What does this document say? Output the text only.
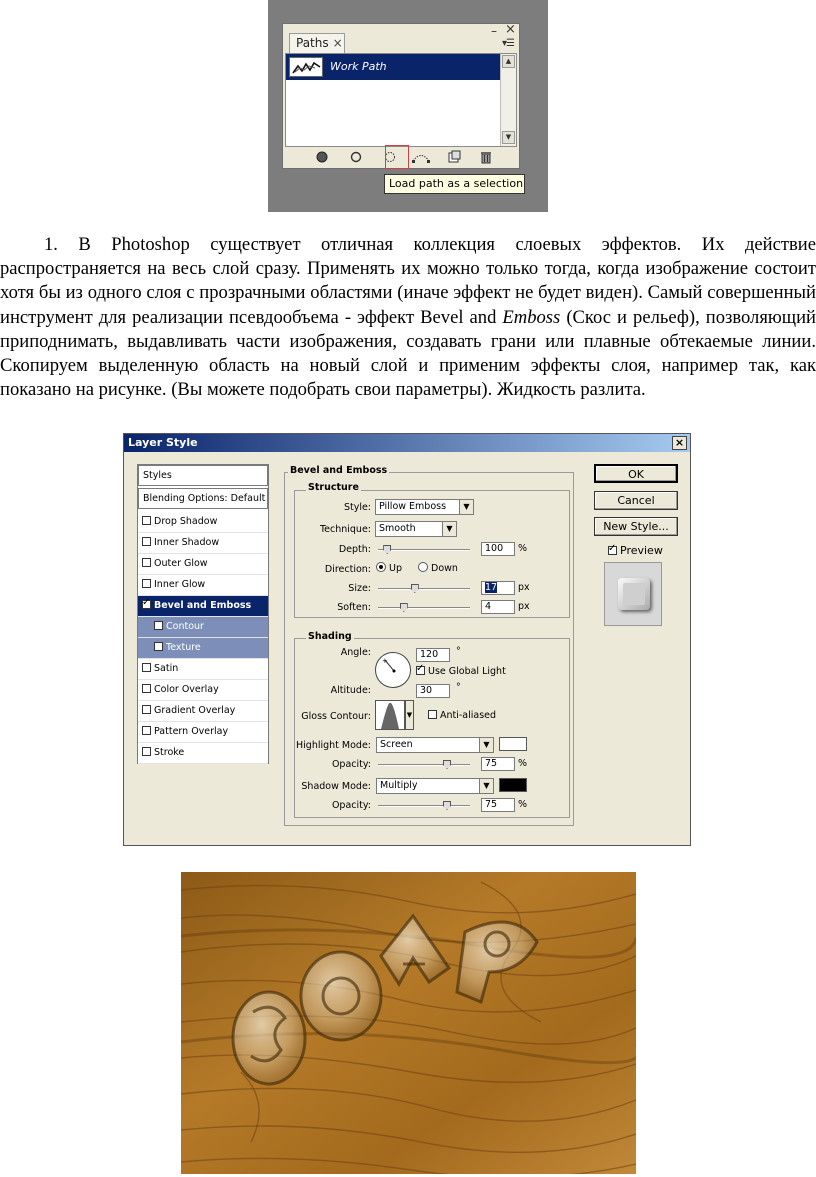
Paths ×
– ×
▾☰
Work Path	▲
▼
Load path as a selection

1. В Photoshop существует отличная коллекция слоевых эффектов. Их действие распространяется на весь слой сразу. Применять их можно только тогда, когда изображение состоит хотя бы из одного слоя с прозрачными областями (иначе эффект не будет виден). Самый совершенный инструмент для реализации псевдообъема - эффект Bevel and Emboss (Скос и рельеф), позволяющий приподнимать, выдавливать части изображения, создавать грани или плавные обтекаемые линии. Скопируем выделенную область на новый слой и применим эффекты слоя, например так, как показано на рисунке. (Вы можете подобрать свои параметры). Жидкость разлита.

Layer Style	×
Styles
Blending Options: Default
Drop Shadow
Inner Shadow
Outer Glow
Inner Glow
✓Bevel and Emboss
Contour
Texture
Satin
Color Overlay
Gradient Overlay
Pattern Overlay
Stroke
Bevel and Emboss
Structure
Style: Pillow Emboss	▼
Technique: Smooth	▼
Depth:	100	%
Direction:	Up	Down
Size:	17	px
Soften:	4	px
Shading
Angle:
+
120	°
✓Use Global Light
Altitude:	30	°
Gloss Contour:	▼	Anti-aliased
Highlight Mode: Screen	▼
Opacity:	75	%
Shadow Mode: Multiply	▼
Opacity:	75	%
OK
Cancel
New Style...
✓Preview
